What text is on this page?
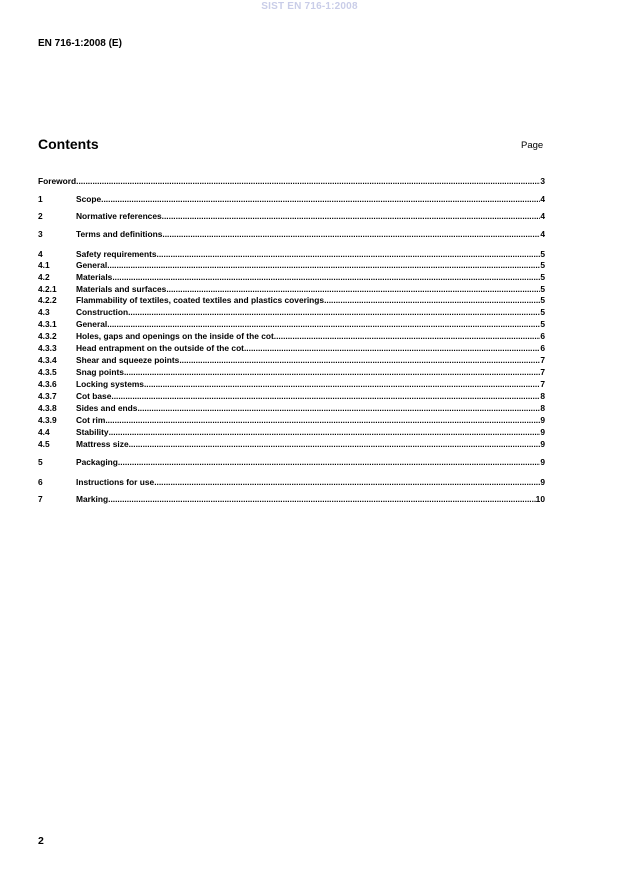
SIST EN 716-1:2008
EN 716-1:2008 (E)
Contents	Page
Foreword .....	3
1	Scope .....	4
2	Normative references .....	4
3	Terms and definitions .....	4
4	Safety requirements .....	5
4.1	General .....	5
4.2	Materials .....	5
4.2.1	Materials and surfaces .....	5
4.2.2	Flammability of textiles, coated textiles and plastics coverings .....	5
4.3	Construction .....	5
4.3.1	General .....	5
4.3.2	Holes, gaps and openings on the inside of the cot .....	6
4.3.3	Head entrapment on the outside of the cot .....	6
4.3.4	Shear and squeeze points .....	7
4.3.5	Snag points .....	7
4.3.6	Locking systems .....	7
4.3.7	Cot base .....	8
4.3.8	Sides and ends .....	8
4.3.9	Cot rim .....	9
4.4	Stability .....	9
4.5	Mattress size .....	9
5	Packaging .....	9
6	Instructions for use .....	9
7	Marking .....	10
2
